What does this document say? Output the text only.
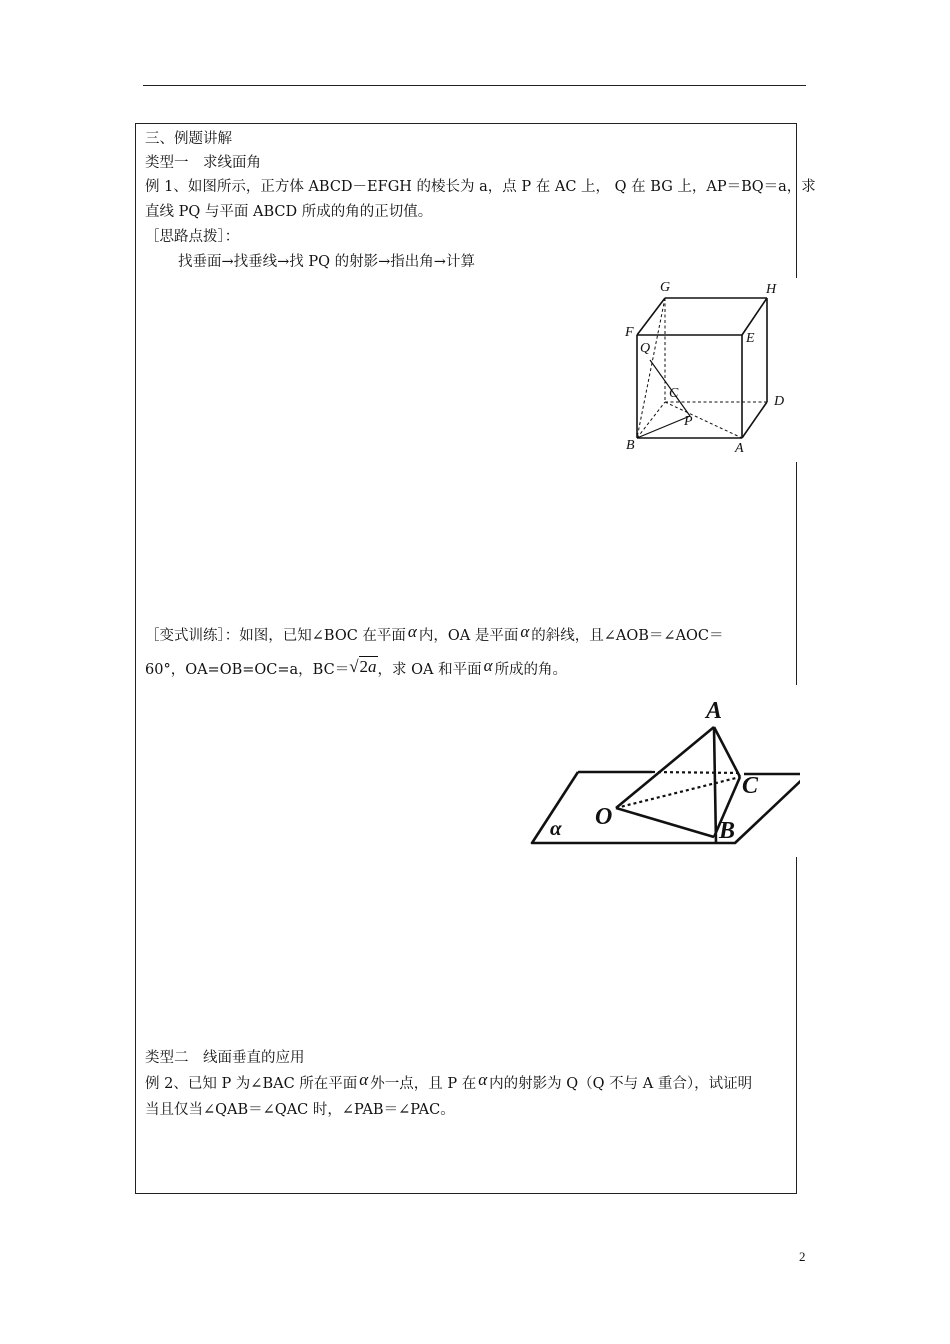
三、例题讲解
类型一　求线面角
例 1、如图所示，正方体 ABCD－EFGH 的棱长为 a，点 P 在 AC 上， Q 在 BG 上，AP＝BQ＝a，求
直线 PQ 与平面 ABCD 所成的角的正切值。
［思路点拨］：
找垂面→找垂线→找 PQ 的射影→指出角→计算
G	H
F	E
Q
C
D
P
B	A
［变式训练］：如图，已知∠BOC 在平面 α 内，OA 是平面 α 的斜线，且∠AOB＝∠AOC＝
60°，OA=OB=OC=a，BC＝√2a，求 OA 和平面 α 所成的角。
A
C
O
B
α
类型二　线面垂直的应用
例 2、已知 P 为∠BAC 所在平面 α 外一点，且 P 在 α 内的射影为 Q（Q 不与 A 重合），试证明
当且仅当∠QAB＝∠QAC 时，∠PAB＝∠PAC。
2
